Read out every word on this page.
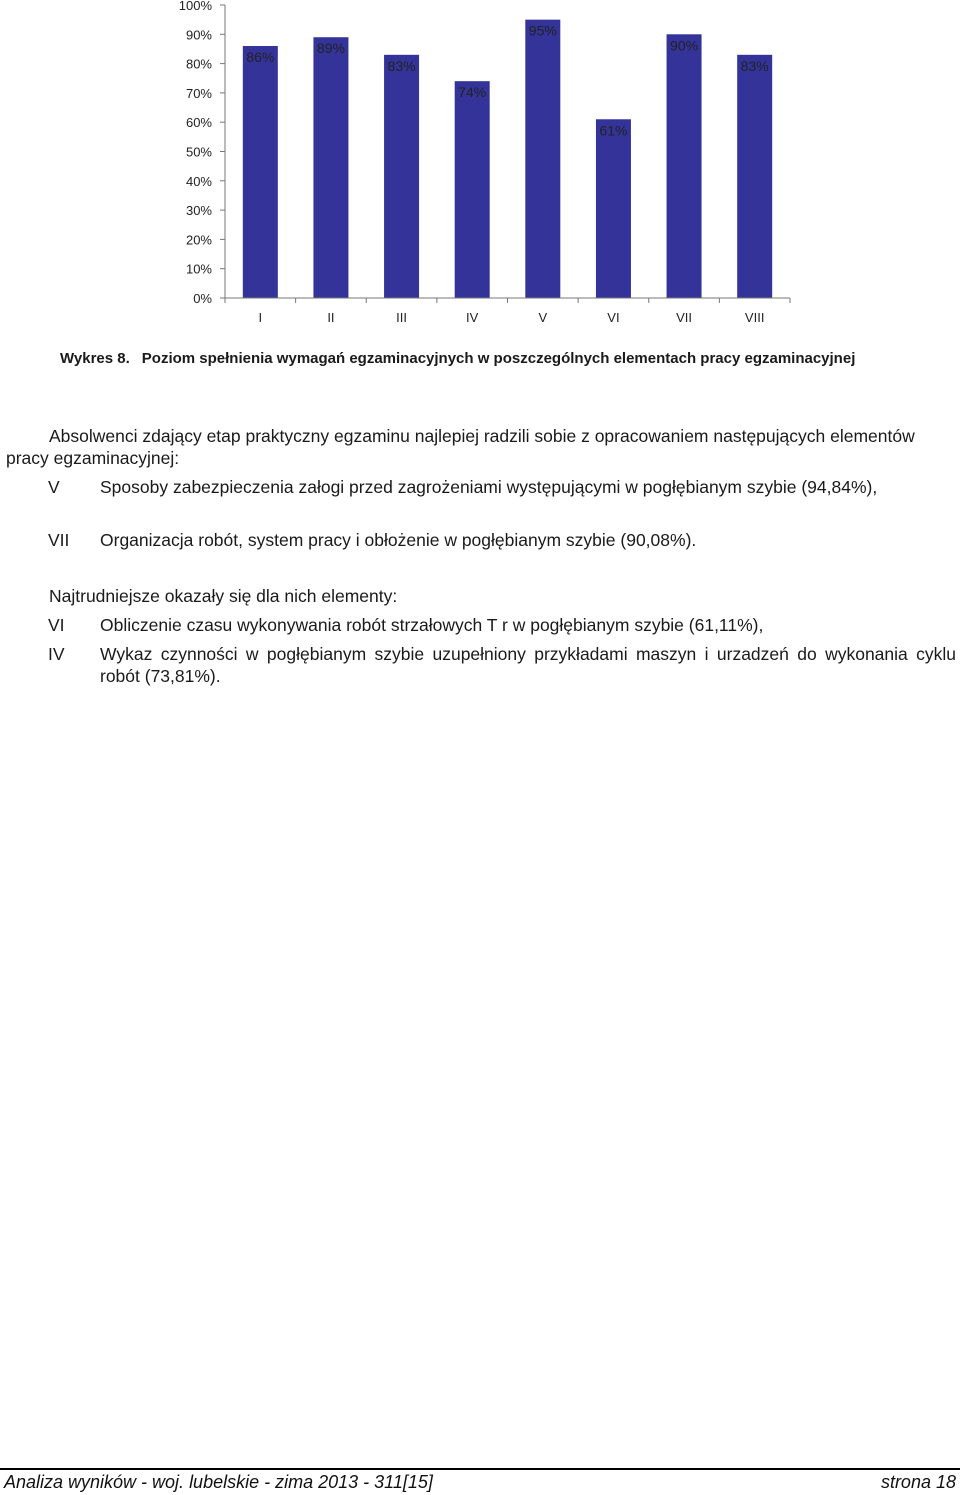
0%
10%
20%
30%
40%
50%
60%
70%
80%
90%
100%
86%
89%
83%
74%
95%
61%
90%
83%
I	II	III	IV	V	VI	VII	VIII
Wykres 8. Poziom spełnienia wymagań egzaminacyjnych w poszczególnych elementach pracy egzaminacyjnej
Absolwenci zdający etap praktyczny egzaminu najlepiej radzili sobie z opracowaniem następujących elementów pracy egzaminacyjnej:
V Sposoby zabezpieczenia załogi przed zagrożeniami występującymi w pogłębianym szybie (94,84%),
VII Organizacja robót, system pracy i obłożenie w pogłębianym szybie (90,08%).
Najtrudniejsze okazały się dla nich elementy:
VI Obliczenie czasu wykonywania robót strzałowych T r w pogłębianym szybie (61,11%),
IV Wykaz czynności w pogłębianym szybie uzupełniony przykładami maszyn i urzadzeń do wykonania cyklu robót (73,81%).
Analiza wyników - woj. lubelskie - zima 2013 - 311[15]	strona 18
